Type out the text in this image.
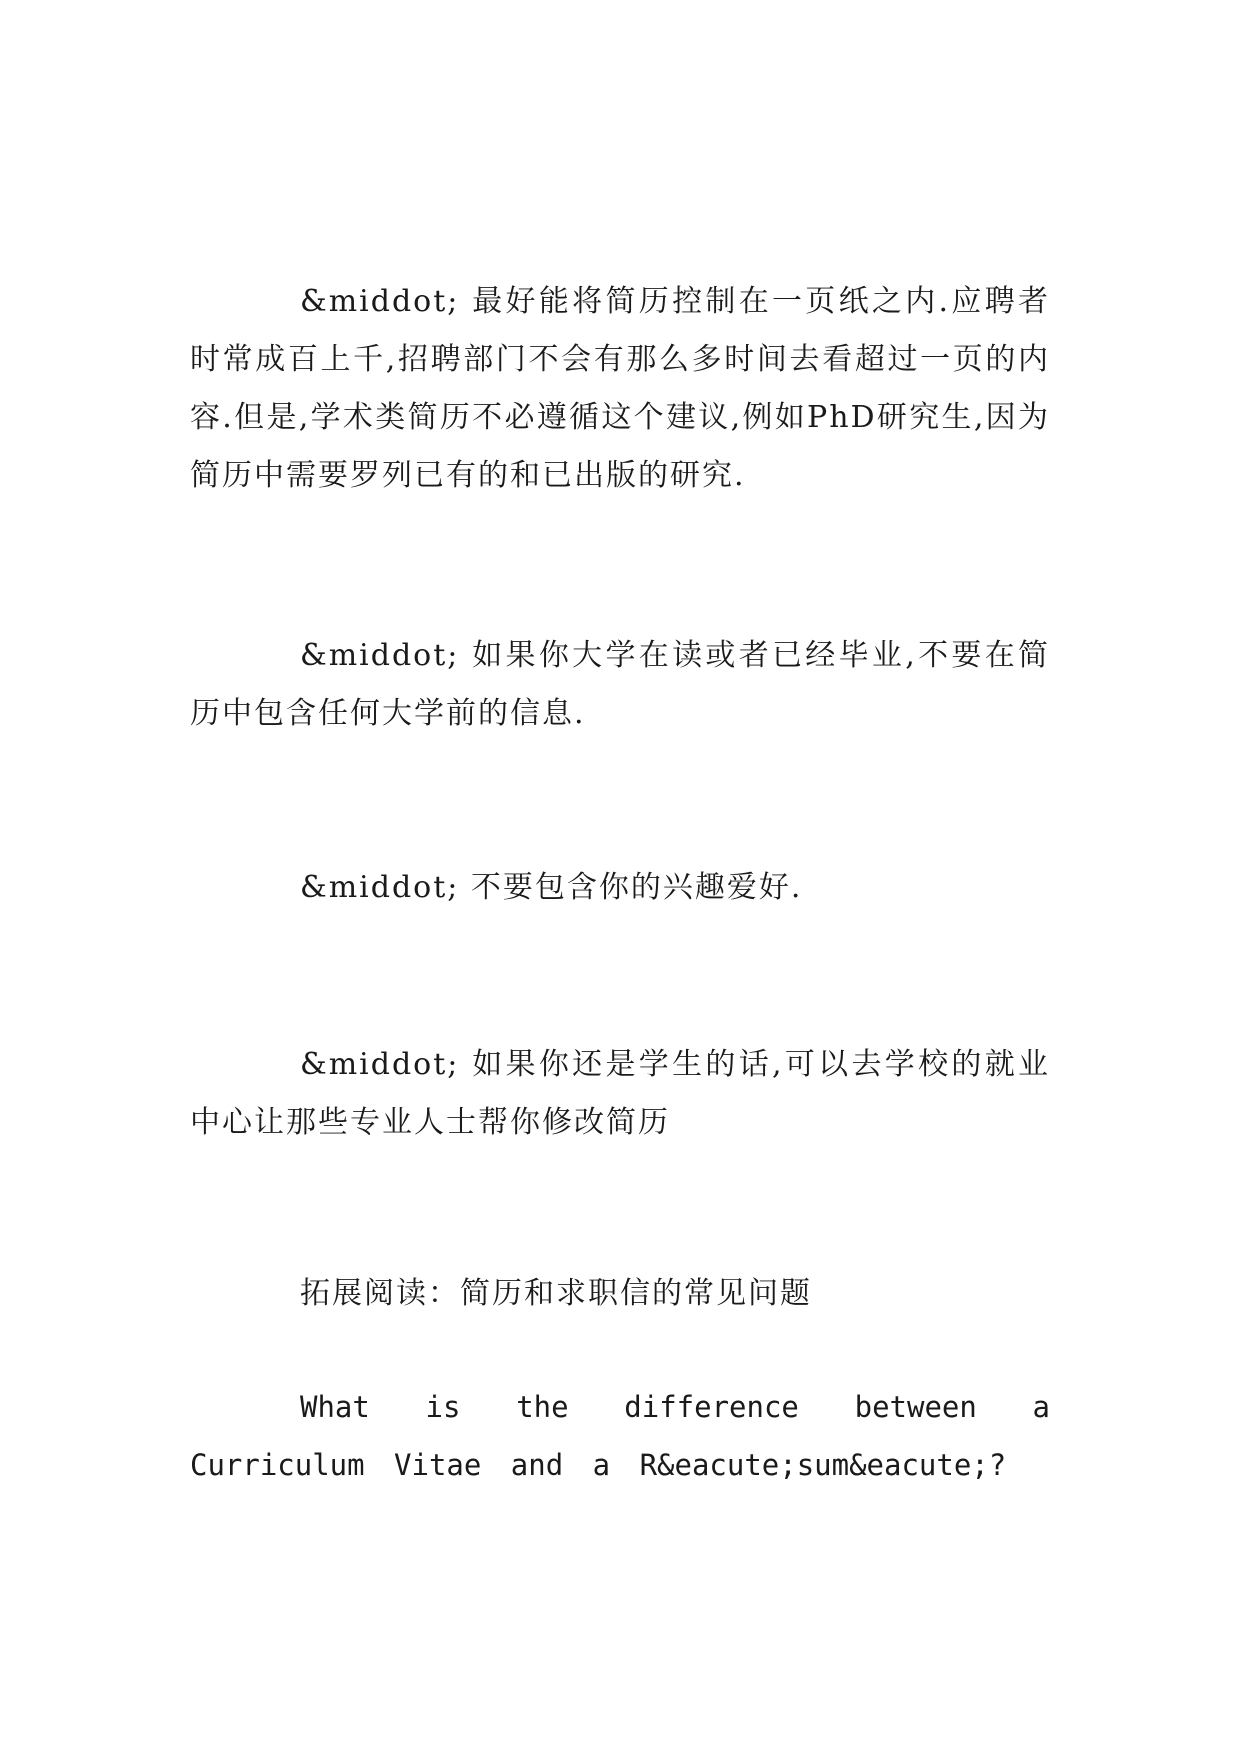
&middot; 最好能将简历控制在一页纸之内.应聘者时常成百上千,招聘部门不会有那么多时间去看超过一页的内容.但是,学术类简历不必遵循这个建议,例如PhD研究生,因为简历中需要罗列已有的和已出版的研究.

&middot; 如果你大学在读或者已经毕业,不要在简历中包含任何大学前的信息.

&middot; 不要包含你的兴趣爱好.

&middot; 如果你还是学生的话,可以去学校的就业中心让那些专业人士帮你修改简历

拓展阅读：简历和求职信的常见问题

What is the difference between a Curriculum Vitae and a R&eacute;sum&eacute;?
